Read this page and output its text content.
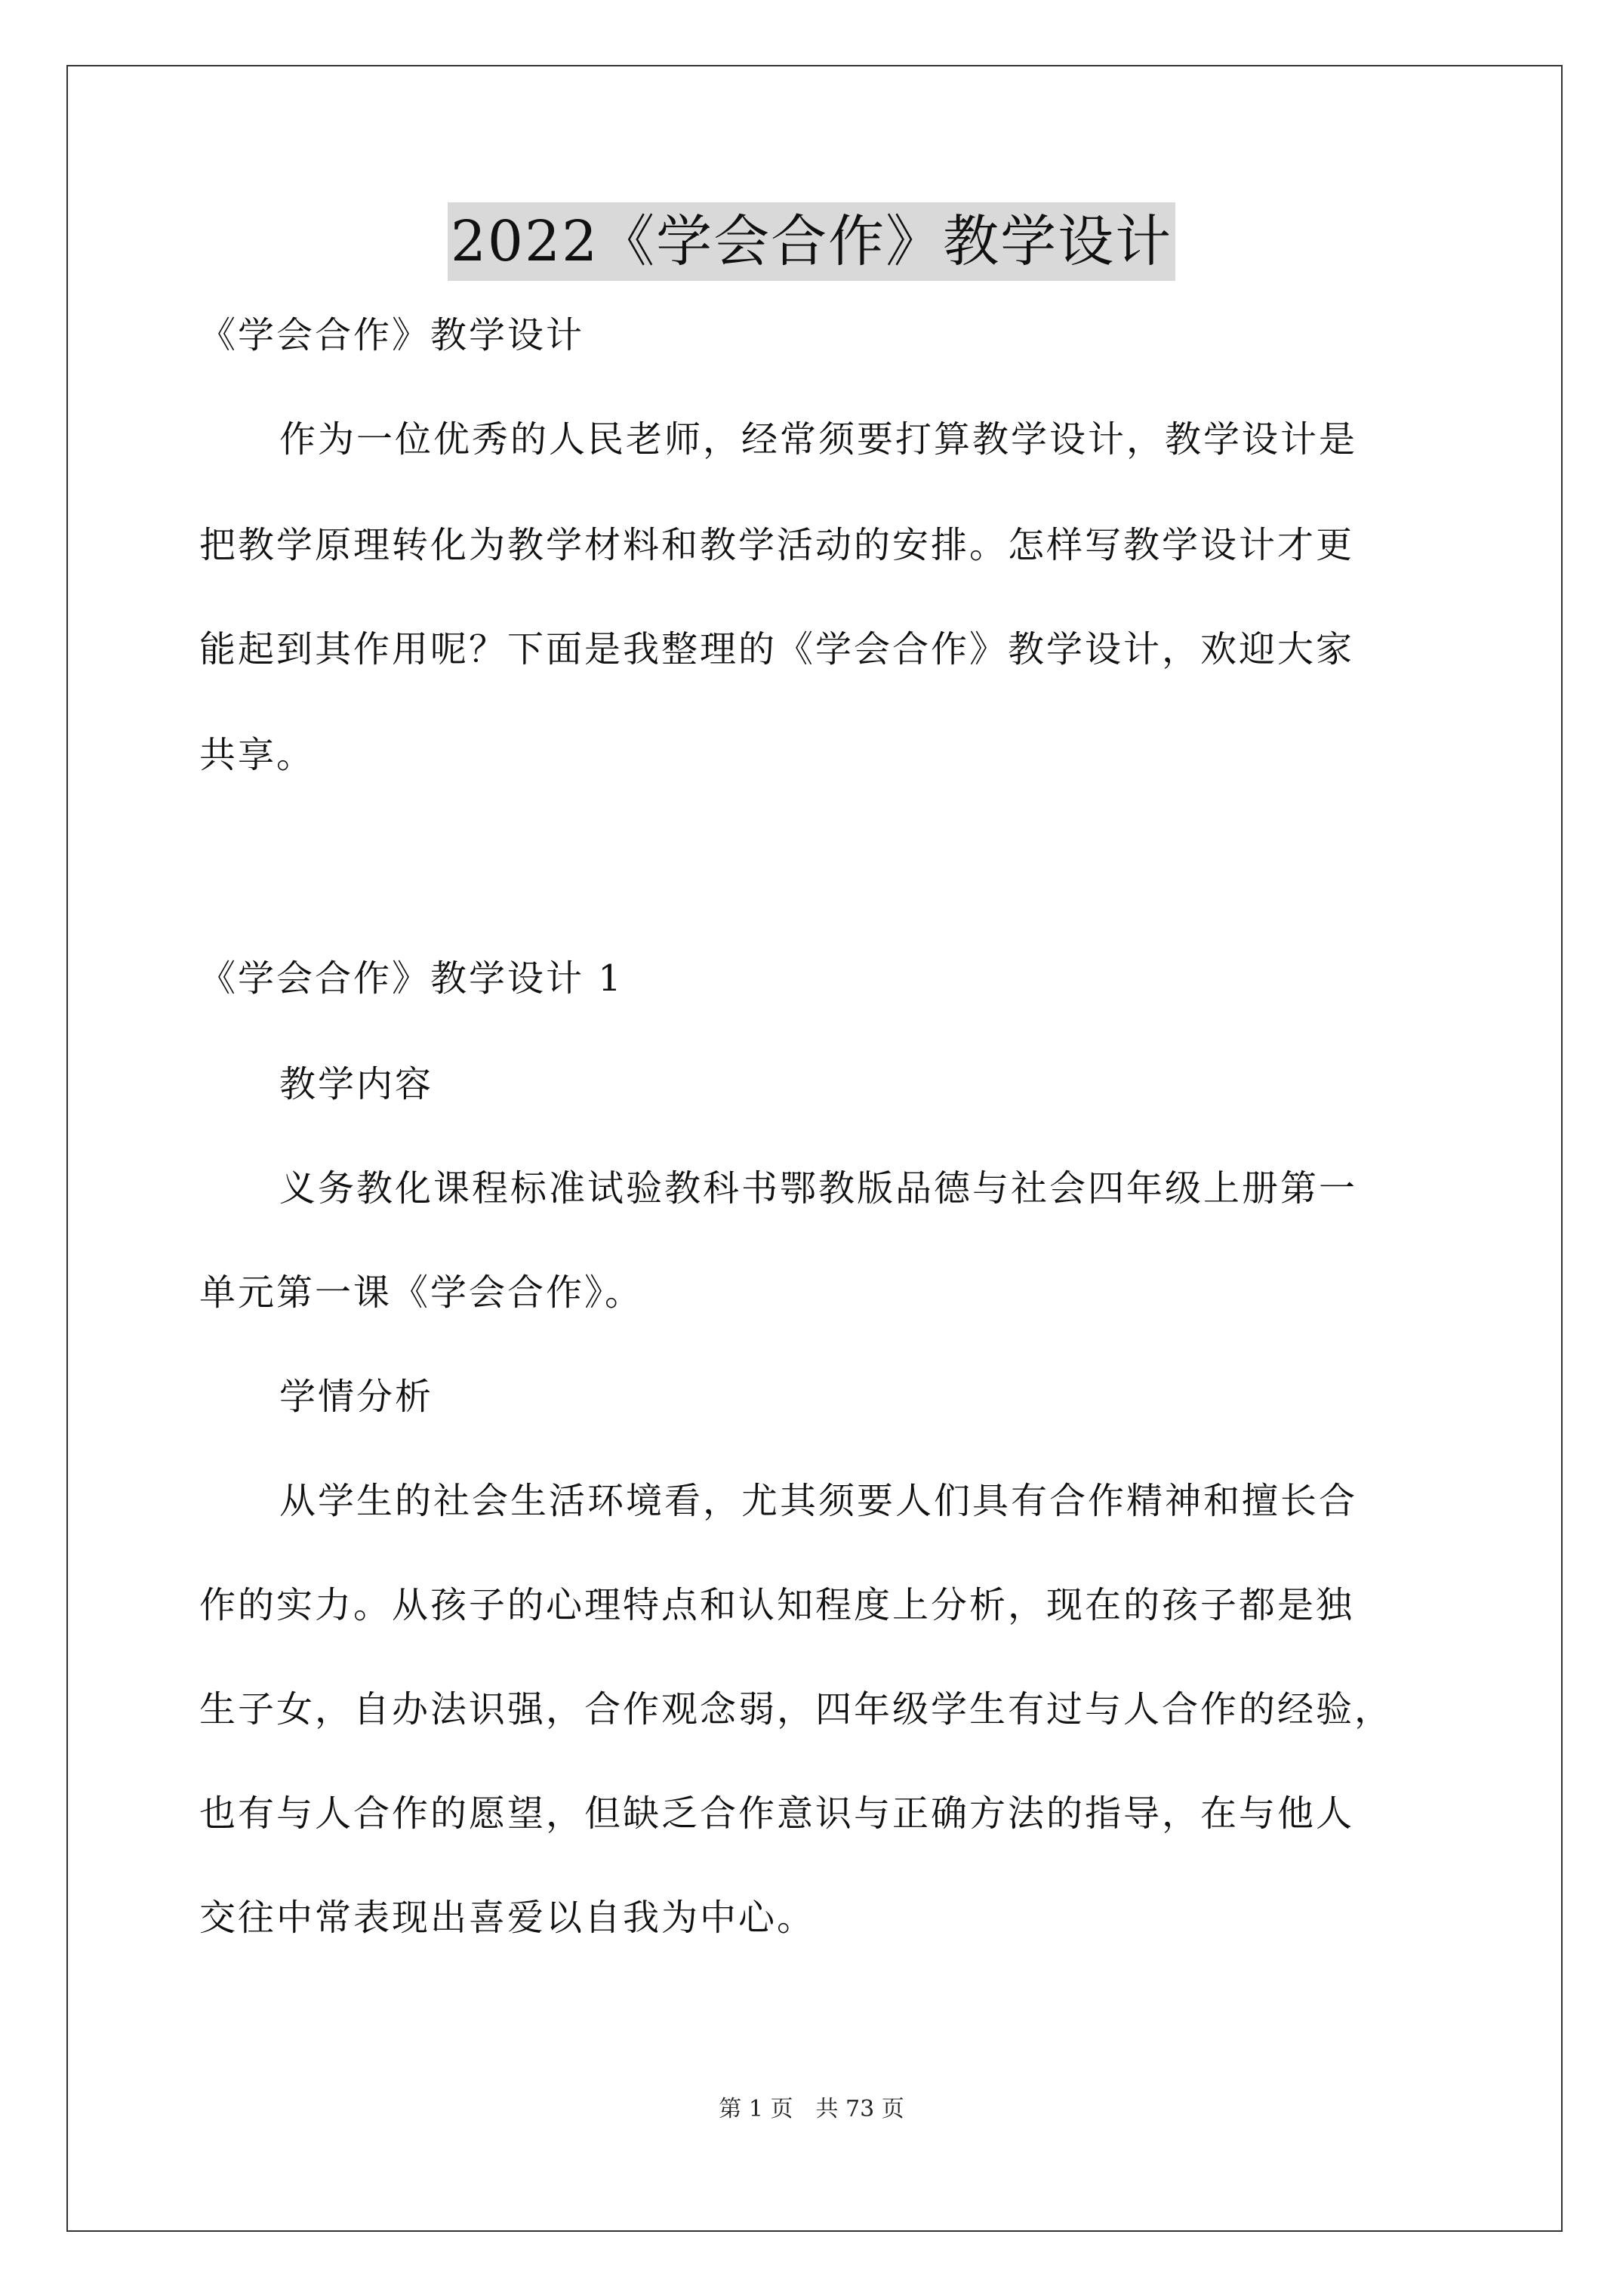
2022《学会合作》教学设计
《学会合作》教学设计
作为一位优秀的人民老师，经常须要打算教学设计，教学设计是
把教学原理转化为教学材料和教学活动的安排。怎样写教学设计才更
能起到其作用呢？下面是我整理的《学会合作》教学设计，欢迎大家
共享。
《学会合作》教学设计 1
教学内容
义务教化课程标准试验教科书鄂教版品德与社会四年级上册第一
单元第一课《学会合作》。
学情分析
从学生的社会生活环境看，尤其须要人们具有合作精神和擅长合
作的实力。从孩子的心理特点和认知程度上分析，现在的孩子都是独
生子女，自办法识强，合作观念弱，四年级学生有过与人合作的经验，
也有与人合作的愿望，但缺乏合作意识与正确方法的指导，在与他人
交往中常表现出喜爱以自我为中心。
第 1 页　共 73 页
